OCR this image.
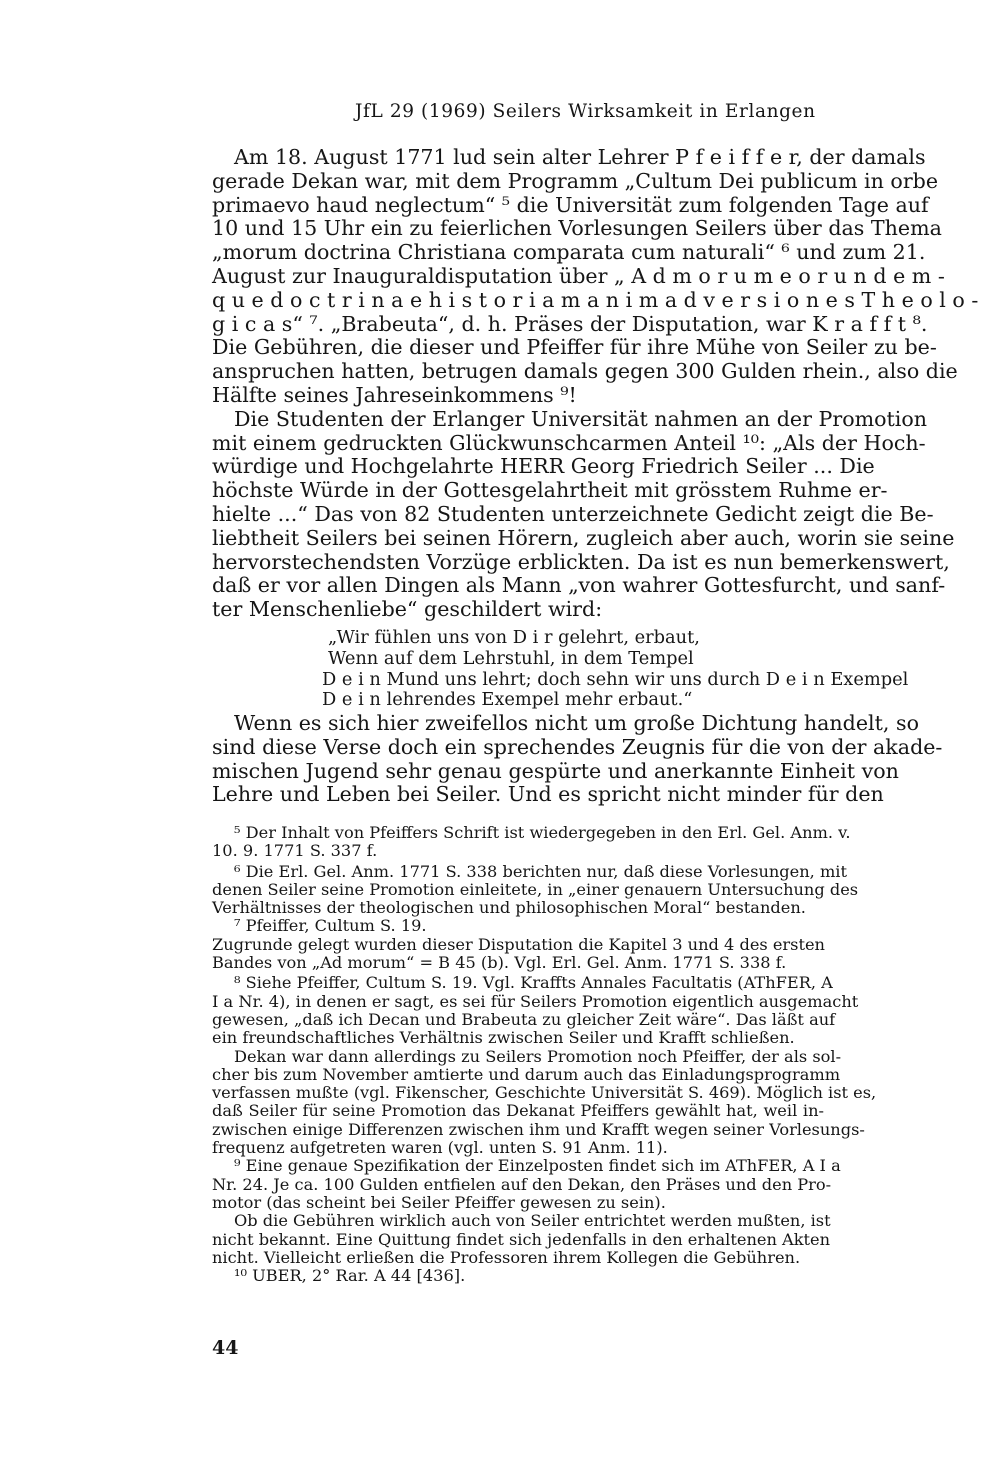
JfL 29 (1969) Seilers Wirksamkeit in Erlangen

Am 18. August 1771 lud sein alter Lehrer P f e i f f e r, der damals
gerade Dekan war, mit dem Programm „Cultum Dei publicum in orbe
primaevo haud neglectum“ ⁵ die Universität zum folgenden Tage auf
10 und 15 Uhr ein zu feierlichen Vorlesungen Seilers über das Thema
„morum doctrina Christiana comparata cum naturali“ ⁶ und zum 21.
August zur Inauguraldisputation über „ A d m o r u m e o r u n d e m -
q u e d o c t r i n a e h i s t o r i a m a n i m a d v e r s i o n e s T h e o l o -
g i c a s“ ⁷. „Brabeuta“, d. h. Präses der Disputation, war K r a f f t ⁸.
Die Gebühren, die dieser und Pfeiffer für ihre Mühe von Seiler zu be-
anspruchen hatten, betrugen damals gegen 300 Gulden rhein., also die
Hälfte seines Jahreseinkommens ⁹!

Die Studenten der Erlanger Universität nahmen an der Promotion
mit einem gedruckten Glückwunschcarmen Anteil ¹⁰: „Als der Hoch-
würdige und Hochgelahrte HERR Georg Friedrich Seiler ... Die
höchste Würde in der Gottesgelahrtheit mit grösstem Ruhme er-
hielte ...“ Das von 82 Studenten unterzeichnete Gedicht zeigt die Be-
liebtheit Seilers bei seinen Hörern, zugleich aber auch, worin sie seine
hervorstechendsten Vorzüge erblickten. Da ist es nun bemerkenswert,
daß er vor allen Dingen als Mann „von wahrer Gottesfurcht, und sanf-
ter Menschenliebe“ geschildert wird:

„Wir fühlen uns von D i r gelehrt, erbaut,
Wenn auf dem Lehrstuhl, in dem Tempel
D e i n Mund uns lehrt; doch sehn wir uns durch D e i n Exempel
D e i n lehrendes Exempel mehr erbaut.“

Wenn es sich hier zweifellos nicht um große Dichtung handelt, so
sind diese Verse doch ein sprechendes Zeugnis für die von der akade-
mischen Jugend sehr genau gespürte und anerkannte Einheit von
Lehre und Leben bei Seiler. Und es spricht nicht minder für den

⁵ Der Inhalt von Pfeiffers Schrift ist wiedergegeben in den Erl. Gel. Anm. v.
10. 9. 1771 S. 337 f.
⁶ Die Erl. Gel. Anm. 1771 S. 338 berichten nur, daß diese Vorlesungen, mit
denen Seiler seine Promotion einleitete, in „einer genauern Untersuchung des
Verhältnisses der theologischen und philosophischen Moral“ bestanden.
⁷ Pfeiffer, Cultum S. 19.
Zugrunde gelegt wurden dieser Disputation die Kapitel 3 und 4 des ersten
Bandes von „Ad morum“ = B 45 (b). Vgl. Erl. Gel. Anm. 1771 S. 338 f.
⁸ Siehe Pfeiffer, Cultum S. 19. Vgl. Kraffts Annales Facultatis (AThFER, A
I a Nr. 4), in denen er sagt, es sei für Seilers Promotion eigentlich ausgemacht
gewesen, „daß ich Decan und Brabeuta zu gleicher Zeit wäre“. Das läßt auf
ein freundschaftliches Verhältnis zwischen Seiler und Krafft schließen.
Dekan war dann allerdings zu Seilers Promotion noch Pfeiffer, der als sol-
cher bis zum November amtierte und darum auch das Einladungsprogramm
verfassen mußte (vgl. Fikenscher, Geschichte Universität S. 469). Möglich ist es,
daß Seiler für seine Promotion das Dekanat Pfeiffers gewählt hat, weil in-
zwischen einige Differenzen zwischen ihm und Krafft wegen seiner Vorlesungs-
frequenz aufgetreten waren (vgl. unten S. 91 Anm. 11).
⁹ Eine genaue Spezifikation der Einzelposten findet sich im AThFER, A I a
Nr. 24. Je ca. 100 Gulden entfielen auf den Dekan, den Präses und den Pro-
motor (das scheint bei Seiler Pfeiffer gewesen zu sein).
Ob die Gebühren wirklich auch von Seiler entrichtet werden mußten, ist
nicht bekannt. Eine Quittung findet sich jedenfalls in den erhaltenen Akten
nicht. Vielleicht erließen die Professoren ihrem Kollegen die Gebühren.
¹⁰ UBER, 2° Rar. A 44 [436].
44
